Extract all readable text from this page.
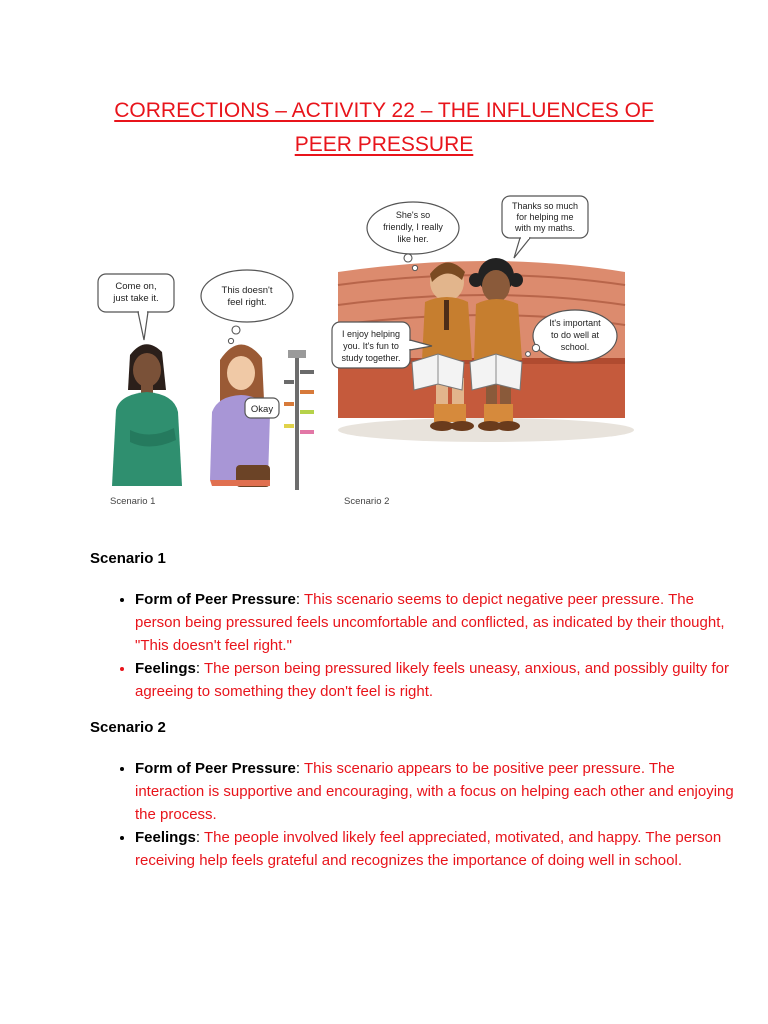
CORRECTIONS – ACTIVITY 22 – THE INFLUENCES OF
PEER PRESSURE
Come on,
just take it.
This doesn't
feel right.
Okay
Scenario 1
She's so
friendly, I really
like her.
Thanks so much
for helping me
with my maths.
I enjoy helping
you. It's fun to
study together.
It's important
to do well at
school.
Scenario 2
Scenario 1
• Form of Peer Pressure: This scenario seems to depict negative peer pressure. The person being pressured feels uncomfortable and conflicted, as indicated by their thought, "This doesn't feel right."
• Feelings: The person being pressured likely feels uneasy, anxious, and possibly guilty for agreeing to something they don't feel is right.
Scenario 2
• Form of Peer Pressure: This scenario appears to be positive peer pressure. The interaction is supportive and encouraging, with a focus on helping each other and enjoying the process.
• Feelings: The people involved likely feel appreciated, motivated, and happy. The person receiving help feels grateful and recognizes the importance of doing well in school.
